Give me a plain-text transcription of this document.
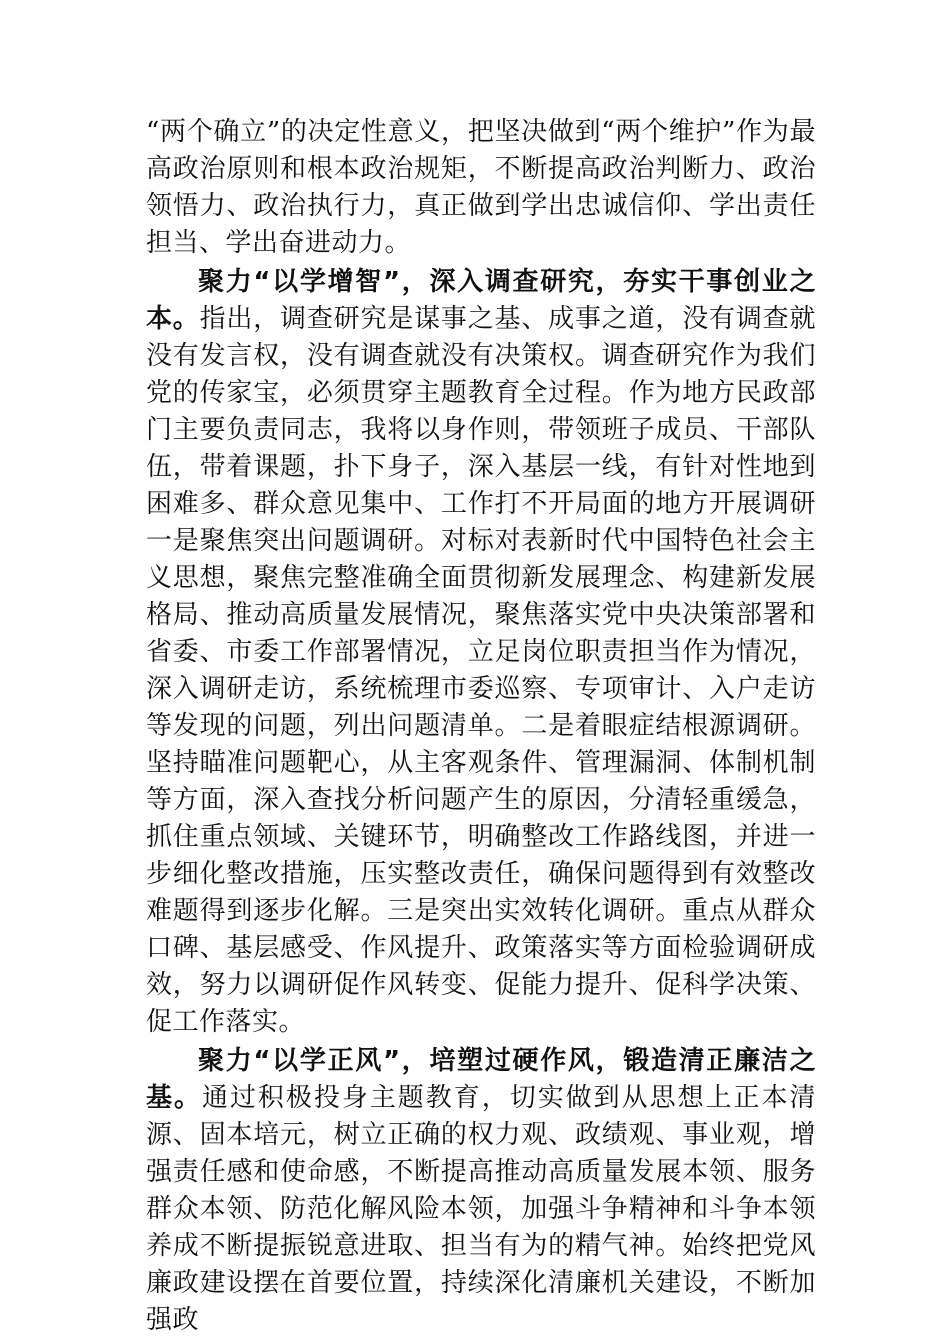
“两个确立”的决定性意义，把坚决做到“两个维护”作为最高政治原则和根本政治规矩，不断提高政治判断力、政治领悟力、政治执行力，真正做到学出忠诚信仰、学出责任担当、学出奋进动力。

聚力“以学增智”，深入调查研究，夯实干事创业之本。指出，调查研究是谋事之基、成事之道，没有调查就没有发言权，没有调查就没有决策权。调查研究作为我们党的传家宝，必须贯穿主题教育全过程。作为地方民政部门主要负责同志，我将以身作则，带领班子成员、干部队伍，带着课题，扑下身子，深入基层一线，有针对性地到困难多、群众意见集中、工作打不开局面的地方开展调研一是聚焦突出问题调研。对标对表新时代中国特色社会主义思想，聚焦完整准确全面贯彻新发展理念、构建新发展格局、推动高质量发展情况，聚焦落实党中央决策部署和省委、市委工作部署情况，立足岗位职责担当作为情况，深入调研走访，系统梳理市委巡察、专项审计、入户走访等发现的问题，列出问题清单。二是着眼症结根源调研。坚持瞄准问题靶心，从主客观条件、管理漏洞、体制机制等方面，深入查找分析问题产生的原因，分清轻重缓急，抓住重点领域、关键环节，明确整改工作路线图，并进一步细化整改措施，压实整改责任，确保问题得到有效整改难题得到逐步化解。三是突出实效转化调研。重点从群众口碑、基层感受、作风提升、政策落实等方面检验调研成效，努力以调研促作风转变、促能力提升、促科学决策、促工作落实。

聚力“以学正风”，培塑过硬作风，锻造清正廉洁之基。通过积极投身主题教育，切实做到从思想上正本清源、固本培元，树立正确的权力观、政绩观、事业观，增强责任感和使命感，不断提高推动高质量发展本领、服务群众本领、防范化解风险本领，加强斗争精神和斗争本领养成不断提振锐意进取、担当有为的精气神。始终把党风廉政建设摆在首要位置，持续深化清廉机关建设，不断加强政
